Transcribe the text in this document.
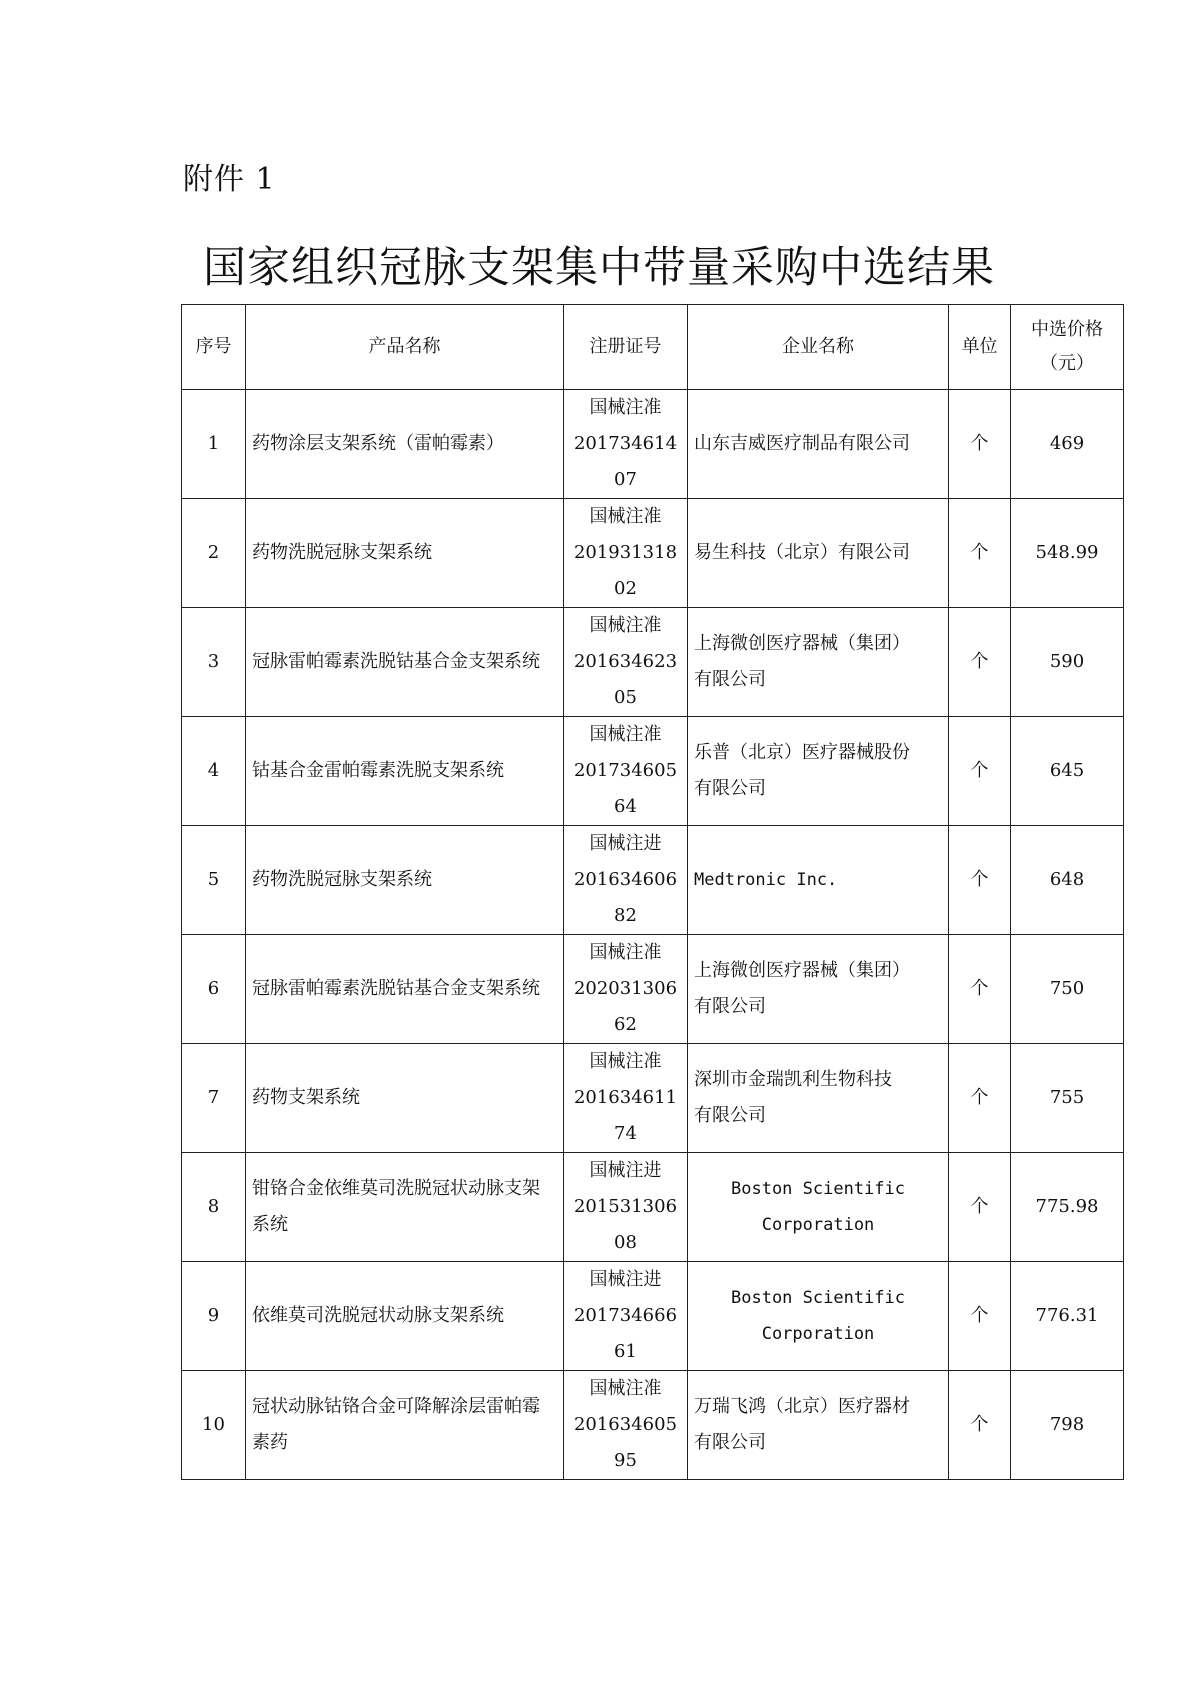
附件 1
国家组织冠脉支架集中带量采购中选结果
序号	产品名称	注册证号	企业名称	单位	中选价格
（元）

1	药物涂层支架系统（雷帕霉素）	国械注准
20173461407	山东吉威医疗制品有限公司	个	469
2	药物洗脱冠脉支架系统	国械注准
20193131802	易生科技（北京）有限公司	个	548.99
3	冠脉雷帕霉素洗脱钴基合金支架系统	国械注准
20163462305	上海微创医疗器械（集团）
有限公司	个	590
4	钴基合金雷帕霉素洗脱支架系统	国械注准
20173460564	乐普（北京）医疗器械股份
有限公司	个	645
5	药物洗脱冠脉支架系统	国械注进
20163460682	Medtronic Inc.	个	648
6	冠脉雷帕霉素洗脱钴基合金支架系统	国械注准
20203130662	上海微创医疗器械（集团）
有限公司	个	750
7	药物支架系统	国械注准
20163461174	深圳市金瑞凯利生物科技
有限公司	个	755
8	钳铬合金依维莫司洗脱冠状动脉支架系统	国械注进
20153130608	Boston Scientific
Corporation	个	775.98
9	依维莫司洗脱冠状动脉支架系统	国械注进
20173466661	Boston Scientific
Corporation	个	776.31
10	冠状动脉钴铬合金可降解涂层雷帕霉素药	国械注准
20163460595	万瑞飞鸿（北京）医疗器材
有限公司	个	798
